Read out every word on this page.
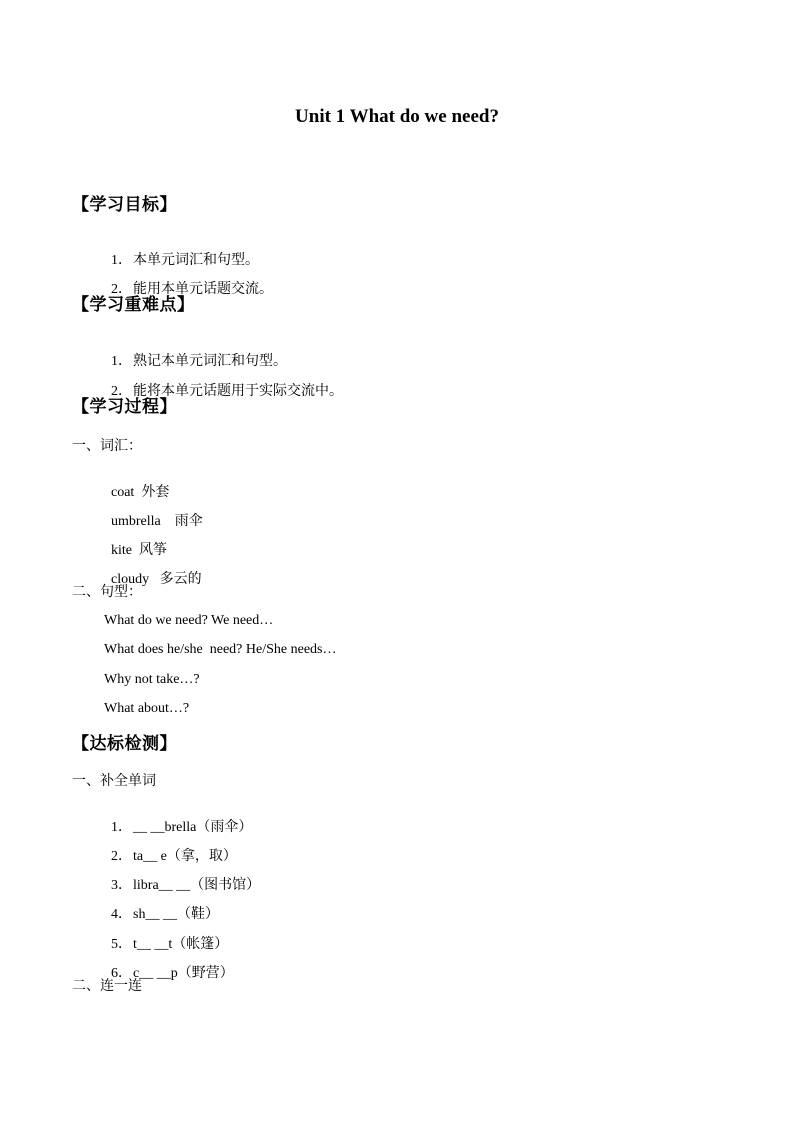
Unit 1 What do we need?
【学习目标】

1．本单元词汇和句型。

2．能用本单元话题交流。

【学习重难点】

1．熟记本单元词汇和句型。

2．能将本单元话题用于实际交流中。

【学习过程】
一、词汇：

coat 外套

umbrella 雨伞

kite 风筝

cloudy 多云的

二、句型：
What do we need? We need…
What does he/she  need? He/She needs…
Why not take…?
What about…?
【达标检测】
一、补全单词

1．__ __brella（雨伞）

2．ta__ e（拿，取）

3．libra__ __（图书馆）

4．sh__ __（鞋）

5．t__ __t（帐篷）

6．c__ __p（野营）

二、连一连
